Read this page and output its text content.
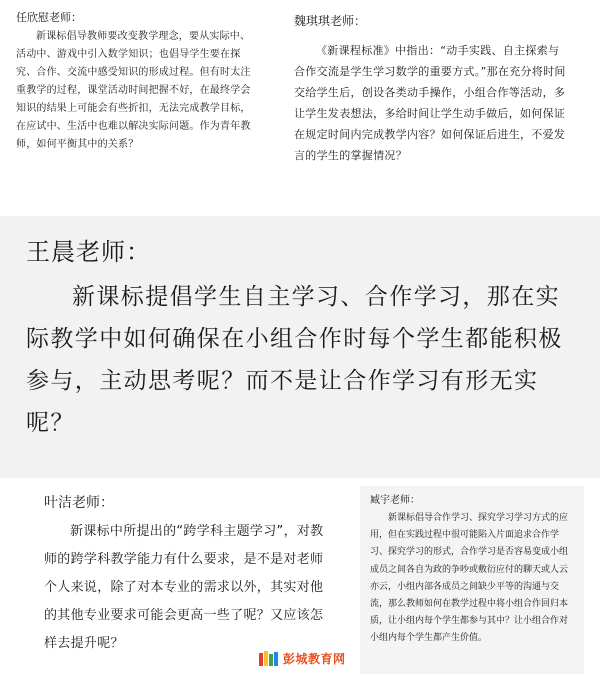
任欣慰老师：

新课标倡导教师要改变教学理念，要从实际中、活动中、游戏中引入数学知识；也倡导学生要在探究、合作、交流中感受知识的形成过程。但有时太注重教学的过程，课堂活动时间把握不好，在最终学会知识的结果上可能会有些折扣，无法完成教学目标，在应试中、生活中也难以解决实际问题。作为青年教师，如何平衡其中的关系？

魏琪琪老师：

《新课程标准》中指出：“动手实践、自主探索与合作交流是学生学习数学的重要方式。”那在充分将时间交给学生后，创设各类动手操作，小组合作等活动，多让学生发表想法，多给时间让学生动手做后，如何保证在规定时间内完成教学内容？如何保证后进生，不爱发言的学生的掌握情况？

王晨老师：

新课标提倡学生自主学习、合作学习，那在实际教学中如何确保在小组合作时每个学生都能积极参与，主动思考呢？而不是让合作学习有形无实呢？

叶洁老师：

新课标中所提出的“跨学科主题学习”，对教师的跨学科教学能力有什么要求，是不是对老师个人来说，除了对本专业的需求以外，其实对他的其他专业要求可能会更高一些了呢？又应该怎样去提升呢？

臧宇老师：

新课标倡导合作学习、探究学习学习方式的应用，但在实践过程中很可能陷入片面追求合作学习、探究学习的形式，合作学习是否容易变成小组成员之间各自为政的争吵或敷衍应付的聊天或人云亦云，小组内部各成员之间缺少平等的沟通与交流，那么教师如何在教学过程中将小组合作回归本质，让小组内每个学生都参与其中？让小组合作对小组内每个学生都产生价值。

彭城教育网
